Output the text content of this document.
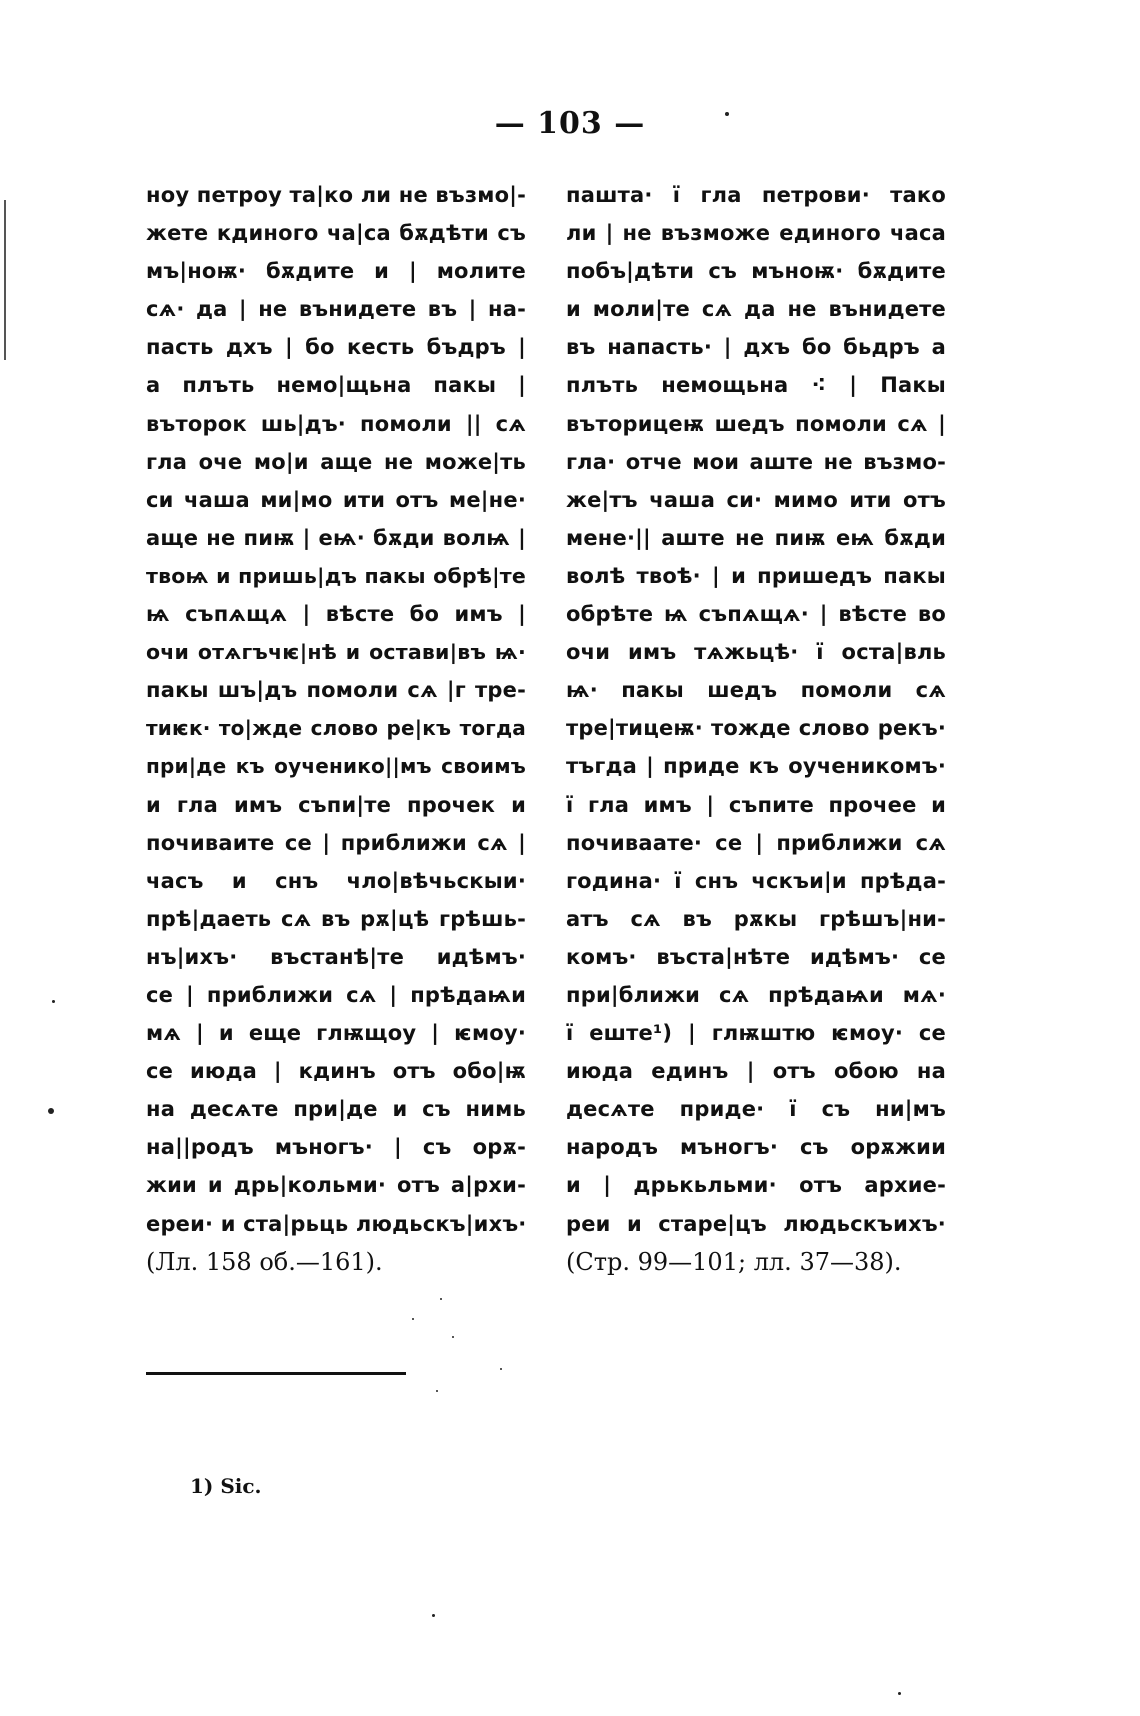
— 103 —
ноу петроу та|ко ли не възмо|-
жете кдиного ча|са бѫдѣти съ
мъ|ноѭ· бѫдите и | молите
сѧ· да | не вънидете въ | на-
пасть дхъ | бо кесть бъдръ |
а плъть немо|щьна пакы |
въторок шь|дъ· помоли || сѧ
гла оче мо|и аще не може|ть
си чаша ми|мо ити отъ ме|не·
аще не пиѭ | еѩ· бѫди волѩ |
твоѩ и пришь|дъ пакы обрѣ|те
ѩ съпѧщѧ | вѣсте бо имъ |
очи отѧгъчѥ|нѣ и остави|въ ѩ·
пакы шъ|дъ помоли сѧ |г тре-
тиѥк· то|жде слово ре|къ тогда
при|де къ оученико||мъ своимъ
и гла имъ съпи|те прочек и
почиваите се | приближи сѧ |
часъ и снъ чло|вѣчьскыи·
прѣ|даеть сѧ въ рѫ|цѣ грѣшь-
нъ|ихъ· въстанѣ|те идѣмъ·
се | приближи сѧ | прѣдаѩи
мѧ | и еще глѭщоу | ѥмоу·
се июда | кдинъ отъ обо|ѭ
на десѧте при|де и съ нимь
на||родъ мъногъ· | съ орѫ-
жии и дрь|кольми· отъ а|рхи-
ереи· и ста|рьць людьскъ|ихъ·
(Лл. 158 об.—161).
пашта· ї гла петрови· тако
ли | не възможе единого часа
побъ|дѣти съ мъноѭ· бѫдите
и моли|те сѧ да не вънидете
въ напасть· | дхъ бо бьдръ а
плъть немощьна ⁖ | Пакы
въторицеѭ шедъ помоли сѧ |
гла· отче мои аште не възмо-
же|тъ чаша си· мимо ити отъ
мене·|| аште не пиѭ еѩ бѫди
волѣ твоѣ· | и пришедъ пакы
обрѣте ѩ съпѧщѧ· | вѣсте во
очи имъ тѧжьцѣ· ї оста|вль
ѩ· пакы шедъ помоли сѧ
тре|тицеѭ· тожде слово рекъ·
тъгда | приде къ оученикомъ·
ї гла имъ | съпите прочее и
почиваате· се | приближи сѧ
година· ї снъ чскъи|и прѣда-
атъ сѧ въ рѫкы грѣшъ|ни-
комъ· въста|нѣте идѣмъ· се
при|ближи сѧ прѣдаѩи мѧ·
ї еште¹) | глѭштю ѥмоу· се
июда единъ | отъ обою на
десѧте приде· ї съ ни|мъ
народъ мъногъ· съ орѫжии
и | дрькьльми· отъ архие-
реи и старе|цъ людьскъихъ·
(Стр. 99—101; лл. 37—38).
1) Sic.
